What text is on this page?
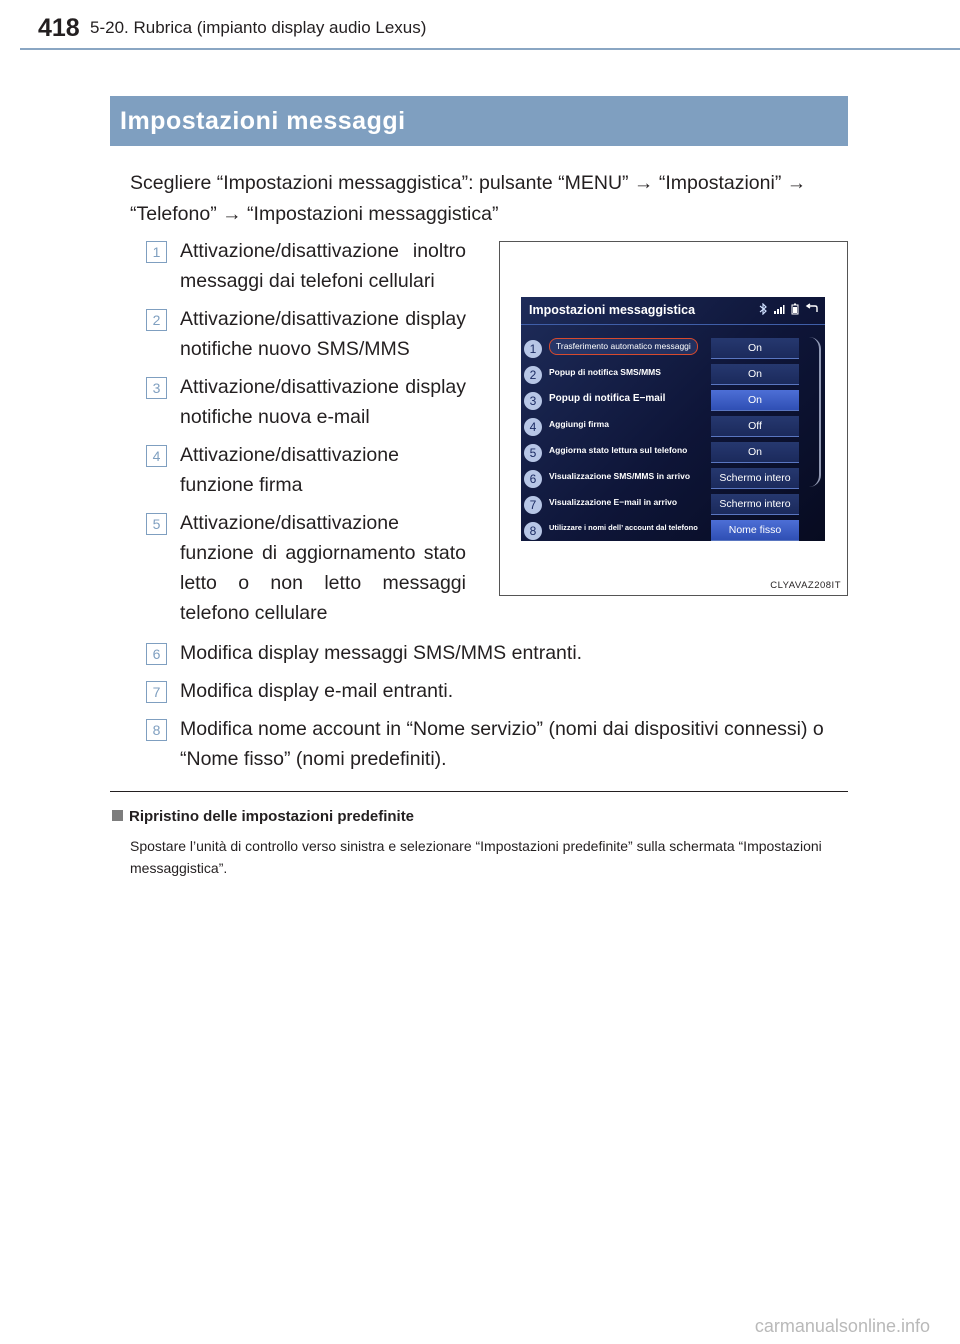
418 5-20. Rubrica (impianto display audio Lexus)
Impostazioni messaggi
Scegliere “Impostazioni messaggistica”: pulsante “MENU” → “Impostazioni” →
“Telefono” → “Impostazioni messaggistica”
1	Attivazione/disattivazione inoltro messaggi dai telefoni cellulari
2	Attivazione/disattivazione display notifiche nuovo SMS/MMS
3	Attivazione/disattivazione display notifiche nuova e-mail
4	Attivazione/disattivazione funzione firma
5	Attivazione/disattivazione funzione di aggiornamento stato letto o non letto messaggi telefono cellulare
6	Modifica display messaggi SMS/MMS entranti.
7	Modifica display e-mail entranti.
8	Modifica nome account in “Nome servizio” (nomi dai dispositivi connessi) o “Nome fisso” (nomi predefiniti).
Impostazioni messaggistica
1	Trasferimento automatico messaggi	On
2	Popup di notifica SMS/MMS	On
3	Popup di notifica E−mail	On
4	Aggiungi firma	Off
5	Aggiorna stato lettura sul telefono	On
6	Visualizzazione SMS/MMS in arrivo	Schermo intero
7	Visualizzazione E−mail in arrivo	Schermo intero
8	Utilizzare i nomi dell’ account dal telefono	Nome fisso
CLYAVAZ208IT
Ripristino delle impostazioni predefinite
Spostare l’unità di controllo verso sinistra e selezionare “Impostazioni predefinite” sulla schermata “Impostazioni messaggistica”.
carmanualsonline.info
